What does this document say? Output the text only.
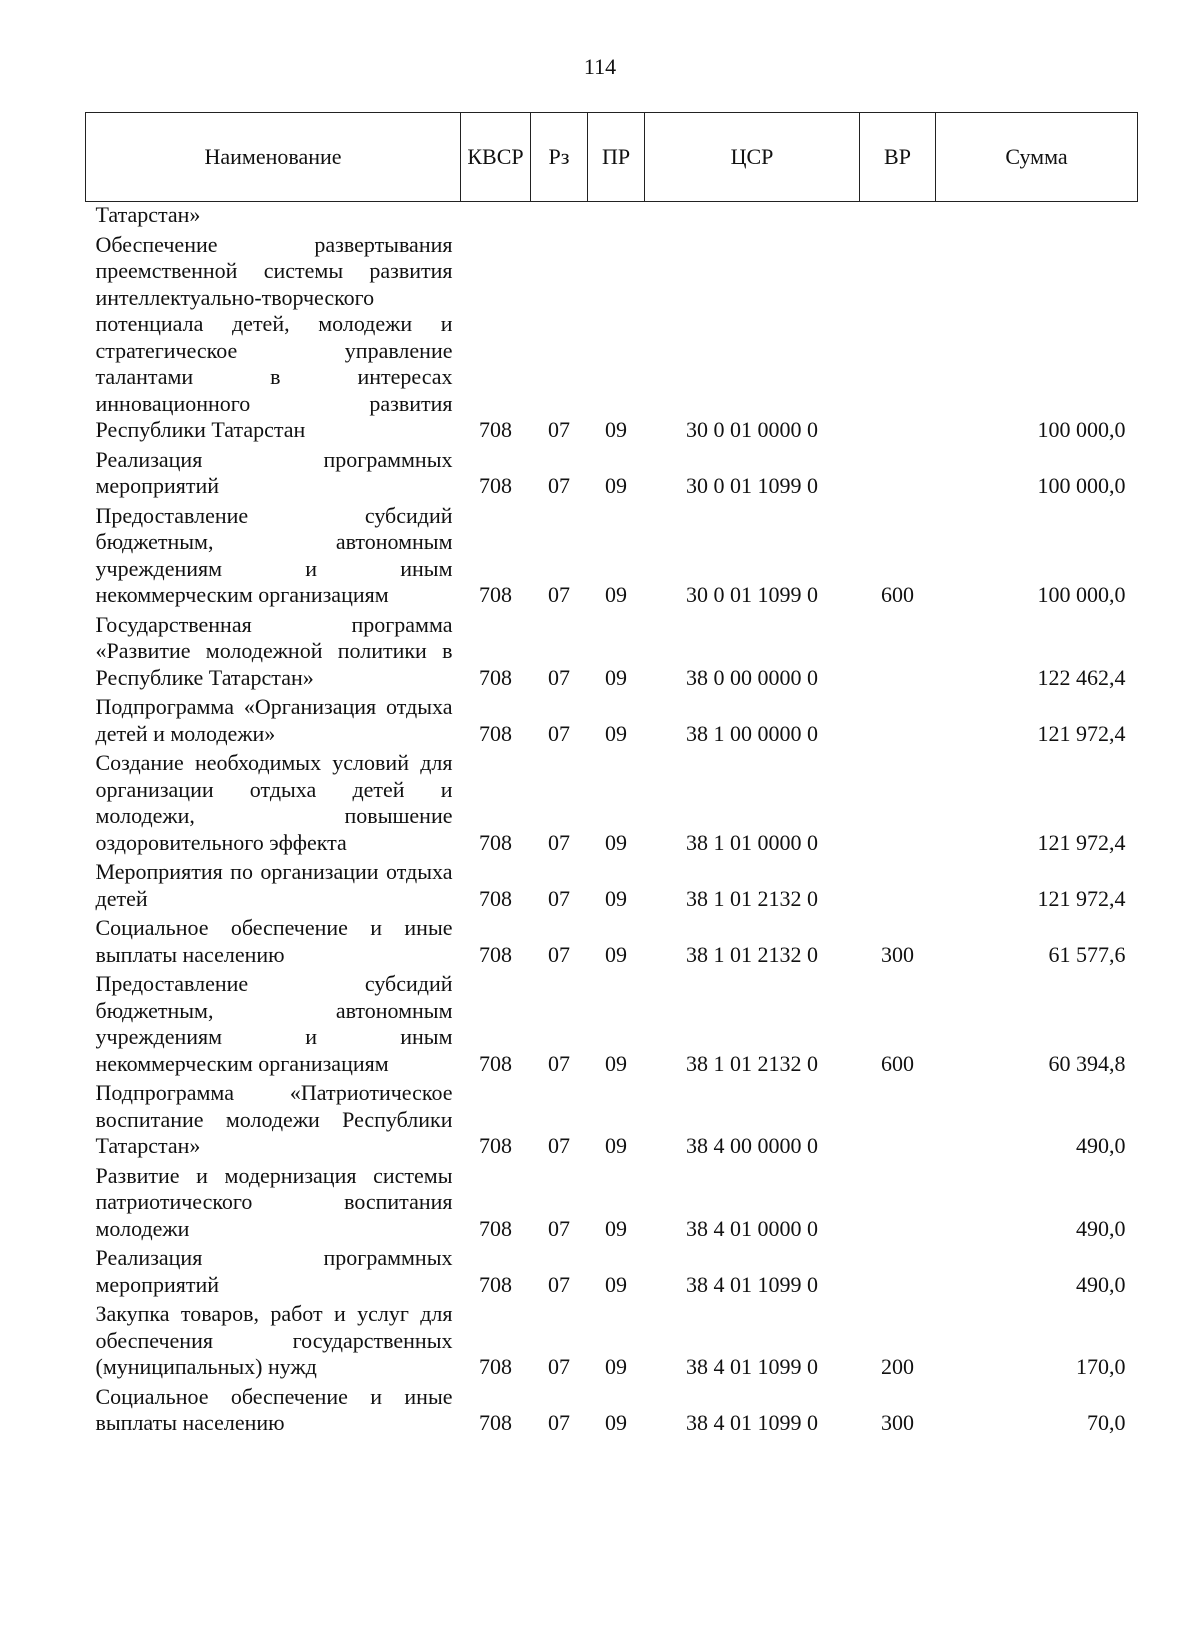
114
Наименование	КВСР	Рз	ПР	ЦСР	ВР	Сумма
Татарстан»						
Обеспечение развертывания преемственной системы развития интеллектуально-творческого потенциала детей, молодежи и стратегическое управление талантами в интересах инновационного развития Республики Татарстан	708	07	09	30 0 01 0000 0		100 000,0
Реализация программных мероприятий	708	07	09	30 0 01 1099 0		100 000,0
Предоставление субсидий бюджетным, автономным учреждениям и иным некоммерческим организациям	708	07	09	30 0 01 1099 0	600	100 000,0
Государственная программа «Развитие молодежной политики в Республике Татарстан»	708	07	09	38 0 00 0000 0		122 462,4
Подпрограмма «Организация отдыха детей и молодежи»	708	07	09	38 1 00 0000 0		121 972,4
Создание необходимых условий для организации отдыха детей и молодежи, повышение оздоровительного эффекта	708	07	09	38 1 01 0000 0		121 972,4
Мероприятия по организации отдыха детей	708	07	09	38 1 01 2132 0		121 972,4
Социальное обеспечение и иные выплаты населению	708	07	09	38 1 01 2132 0	300	61 577,6
Предоставление субсидий бюджетным, автономным учреждениям и иным некоммерческим организациям	708	07	09	38 1 01 2132 0	600	60 394,8
Подпрограмма «Патриотическое воспитание молодежи Республики Татарстан»	708	07	09	38 4 00 0000 0		490,0
Развитие и модернизация системы патриотического воспитания молодежи	708	07	09	38 4 01 0000 0		490,0
Реализация программных мероприятий	708	07	09	38 4 01 1099 0		490,0
Закупка товаров, работ и услуг для обеспечения государственных (муниципальных) нужд	708	07	09	38 4 01 1099 0	200	170,0
Социальное обеспечение и иные выплаты населению	708	07	09	38 4 01 1099 0	300	70,0
